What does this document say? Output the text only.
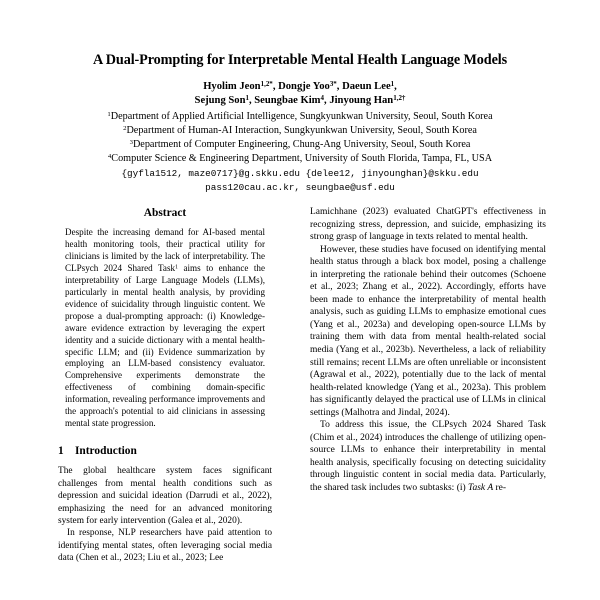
A Dual-Prompting for Interpretable Mental Health Language Models
Hyolim Jeon$^{1,2*}$, Dongje Yoo$^{3*}$, Daeun Lee$^1$,
Sejung Son$^1$, Seungbae Kim$^4$, Jinyoung Han$^{1,2\dagger}$
$^1$Department of Applied Artificial Intelligence, Sungkyunkwan University, Seoul, South Korea
$^2$Department of Human-AI Interaction, Sungkyunkwan University, Seoul, South Korea
$^3$Department of Computer Engineering, Chung-Ang University, Seoul, South Korea
$^4$Computer Science & Engineering Department, University of South Florida, Tampa, FL, USA
{gyfla1512, maze0717}@g.skku.edu {delee12, jinyounghan}@skku.edu
pass120cau.ac.kr, seungbae@usf.edu
Abstract

Despite the increasing demand for AI-based mental health monitoring tools, their practical utility for clinicians is limited by the lack of interpretability. The CLPsych 2024 Shared Task$^1$ aims to enhance the interpretability of Large Language Models (LLMs), particularly in mental health analysis, by providing evidence of suicidality through linguistic content. We propose a dual-prompting approach: (i) Knowledge-aware evidence extraction by leveraging the expert identity and a suicide dictionary with a mental health-specific LLM; and (ii) Evidence summarization by employing an LLM-based consistency evaluator. Comprehensive experiments demonstrate the effectiveness of combining domain-specific information, revealing performance improvements and the approach's potential to aid clinicians in assessing mental state progression.

1 Introduction

The global healthcare system faces significant challenges from mental health conditions such as depression and suicidal ideation (Darrudi et al., 2022), emphasizing the need for an advanced monitoring system for early intervention (Galea et al., 2020).

In response, NLP researchers have paid attention to identifying mental states, often leveraging social media data (Chen et al., 2023; Liu et al., 2023; Lee

Lamichhane (2023) evaluated ChatGPT's effectiveness in recognizing stress, depression, and suicide, emphasizing its strong grasp of language in texts related to mental health.

However, these studies have focused on identifying mental health status through a black box model, posing a challenge in interpreting the rationale behind their outcomes (Schoene et al., 2023; Zhang et al., 2022). Accordingly, efforts have been made to enhance the interpretability of mental health analysis, such as guiding LLMs to emphasize emotional cues (Yang et al., 2023a) and developing open-source LLMs by training them with data from mental health-related social media (Yang et al., 2023b). Nevertheless, a lack of reliability still remains; recent LLMs are often unreliable or inconsistent (Agrawal et al., 2022), potentially due to the lack of mental health-related knowledge (Yang et al., 2023a). This problem has significantly delayed the practical use of LLMs in clinical settings (Malhotra and Jindal, 2024).

To address this issue, the CLPsych 2024 Shared Task (Chim et al., 2024) introduces the challenge of utilizing open-source LLMs to enhance their interpretability in mental health analysis, specifically focusing on detecting suicidality through linguistic content in social media data. Particularly, the shared task includes two subtasks: (i) Task A re-
